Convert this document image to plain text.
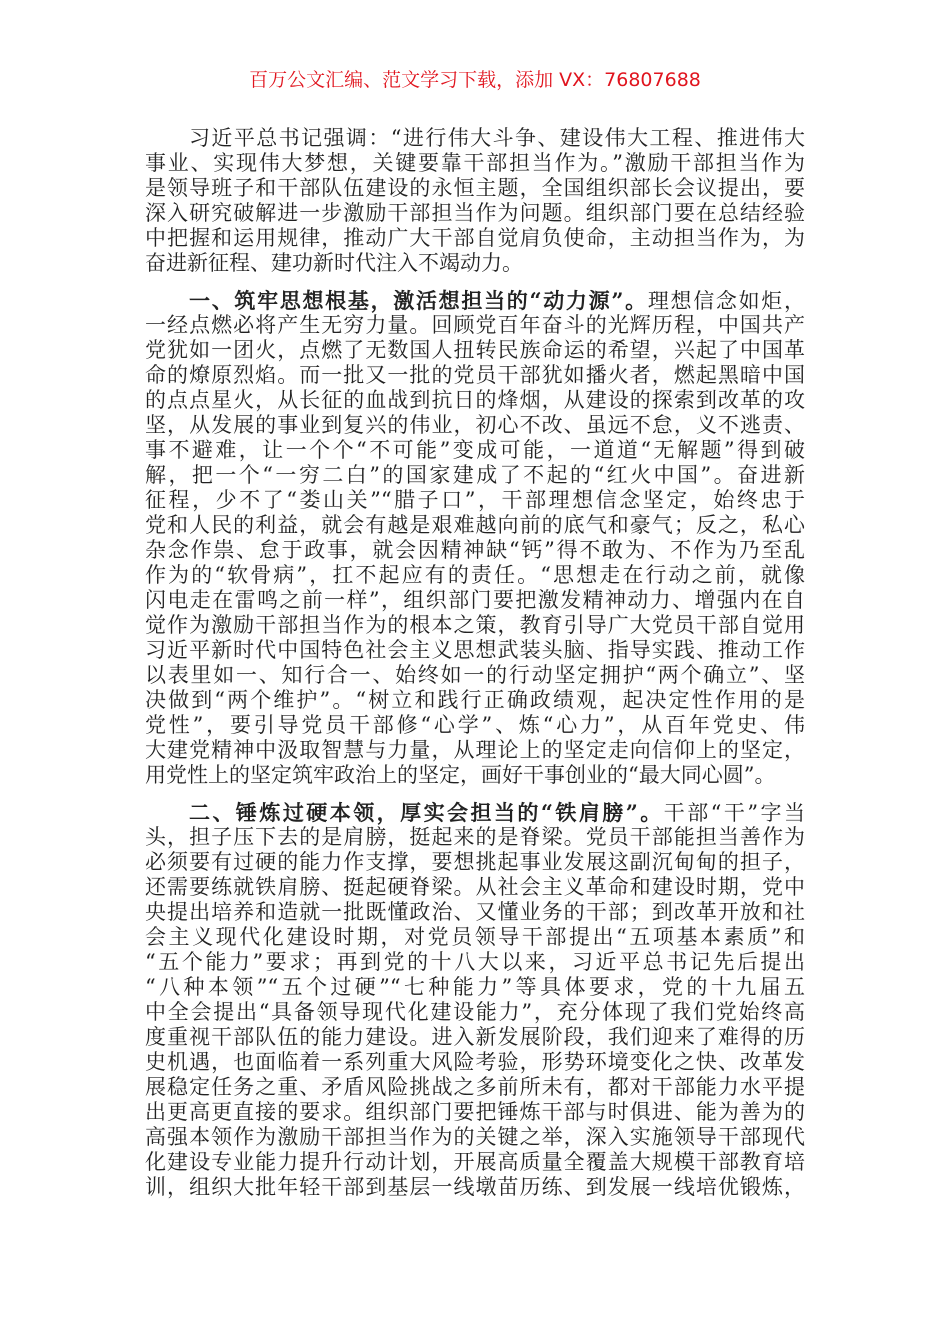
百万公文汇编、范文学习下载，添加 VX：76807688
习近平总书记强调：“进行伟大斗争、建设伟大工程、推进伟大
事业、实现伟大梦想，关键要靠干部担当作为。”激励干部担当作为
是领导班子和干部队伍建设的永恒主题，全国组织部长会议提出，要
深入研究破解进一步激励干部担当作为问题。组织部门要在总结经验
中把握和运用规律，推动广大干部自觉肩负使命，主动担当作为，为
奋进新征程、建功新时代注入不竭动力。
一、筑牢思想根基，激活想担当的“动力源”。理想信念如炬，
一经点燃必将产生无穷力量。回顾党百年奋斗的光辉历程，中国共产
党犹如一团火，点燃了无数国人扭转民族命运的希望，兴起了中国革
命的燎原烈焰。而一批又一批的党员干部犹如播火者，燃起黑暗中国
的点点星火，从长征的血战到抗日的烽烟，从建设的探索到改革的攻
坚，从发展的事业到复兴的伟业，初心不改、虽远不怠，义不逃责、
事不避难，让一个个“不可能”变成可能，一道道“无解题”得到破
解，把一个“一穷二白”的国家建成了不起的“红火中国”。奋进新
征程，少不了“娄山关”“腊子口”，干部理想信念坚定，始终忠于
党和人民的利益，就会有越是艰难越向前的底气和豪气；反之，私心
杂念作祟、怠于政事，就会因精神缺“钙”得不敢为、不作为乃至乱
作为的“软骨病”，扛不起应有的责任。“思想走在行动之前，就像
闪电走在雷鸣之前一样”，组织部门要把激发精神动力、增强内在自
觉作为激励干部担当作为的根本之策，教育引导广大党员干部自觉用
习近平新时代中国特色社会主义思想武装头脑、指导实践、推动工作
以表里如一、知行合一、始终如一的行动坚定拥护“两个确立”、坚
决做到“两个维护”。“树立和践行正确政绩观，起决定性作用的是
党性”，要引导党员干部修“心学”、炼“心力”，从百年党史、伟
大建党精神中汲取智慧与力量，从理论上的坚定走向信仰上的坚定，
用党性上的坚定筑牢政治上的坚定，画好干事创业的“最大同心圆”。
二、锤炼过硬本领，厚实会担当的“铁肩膀”。干部“干”字当
头，担子压下去的是肩膀，挺起来的是脊梁。党员干部能担当善作为
必须要有过硬的能力作支撑，要想挑起事业发展这副沉甸甸的担子，
还需要练就铁肩膀、挺起硬脊梁。从社会主义革命和建设时期，党中
央提出培养和造就一批既懂政治、又懂业务的干部；到改革开放和社
会主义现代化建设时期，对党员领导干部提出“五项基本素质”和
“五个能力”要求；再到党的十八大以来，习近平总书记先后提出
“八种本领”“五个过硬”“七种能力”等具体要求，党的十九届五
中全会提出“具备领导现代化建设能力”，充分体现了我们党始终高
度重视干部队伍的能力建设。进入新发展阶段，我们迎来了难得的历
史机遇，也面临着一系列重大风险考验，形势环境变化之快、改革发
展稳定任务之重、矛盾风险挑战之多前所未有，都对干部能力水平提
出更高更直接的要求。组织部门要把锤炼干部与时俱进、能为善为的
高强本领作为激励干部担当作为的关键之举，深入实施领导干部现代
化建设专业能力提升行动计划，开展高质量全覆盖大规模干部教育培
训，组织大批年轻干部到基层一线墩苗历练、到发展一线培优锻炼，
